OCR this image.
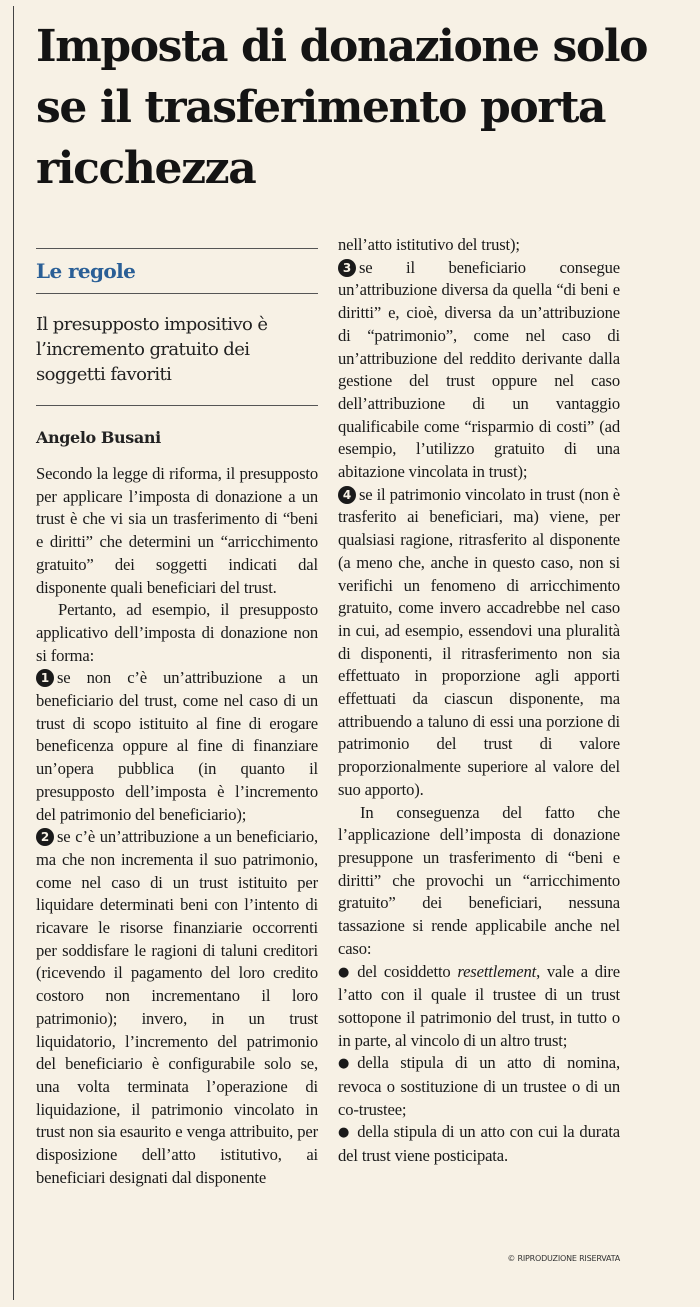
Imposta di donazione solo se il trasferimento porta ricchezza
Le regole
Il presupposto impositivo è l’incremento gratuito dei soggetti favoriti
Angelo Busani

Secondo la legge di riforma, il presupposto per applicare l’imposta di donazione a un trust è che vi sia un trasferimento di “beni e diritti” che determini un “arricchimento gratuito” dei soggetti indicati dal disponente quali beneficiari del trust.

Pertanto, ad esempio, il presupposto applicativo dell’imposta di donazione non si forma:

1 se non c’è un’attribuzione a un beneficiario del trust, come nel caso di un trust di scopo istituito al fine di erogare beneficenza oppure al fine di finanziare un’opera pubblica (in quanto il presupposto dell’imposta è l’incremento del patrimonio del beneficiario);

2 se c’è un’attribuzione a un beneficiario, ma che non incrementa il suo patrimonio, come nel caso di un trust istituito per liquidare determinati beni con l’intento di ricavare le risorse finanziarie occorrenti per soddisfare le ragioni di taluni creditori (ricevendo il pagamento del loro credito costoro non incrementano il loro patrimonio); invero, in un trust liquidatorio, l’incremento del patrimonio del beneficiario è configurabile solo se, una volta terminata l’operazione di liquidazione, il patrimonio vincolato in trust non sia esaurito e venga attribuito, per disposizione dell’atto istitutivo, ai beneficiari designati dal disponente

nell’atto istitutivo del trust);

3 se il beneficiario consegue un’attribuzione diversa da quella “di beni e diritti” e, cioè, diversa da un’attribuzione di “patrimonio”, come nel caso di un’attribuzione del reddito derivante dalla gestione del trust oppure nel caso dell’attribuzione di un vantaggio qualificabile come “risparmio di costi” (ad esempio, l’utilizzo gratuito di una abitazione vincolata in trust);

4 se il patrimonio vincolato in trust (non è trasferito ai beneficiari, ma) viene, per qualsiasi ragione, ritrasferito al disponente (a meno che, anche in questo caso, non si verifichi un fenomeno di arricchimento gratuito, come invero accadrebbe nel caso in cui, ad esempio, essendovi una pluralità di disponenti, il ritrasferimento non sia effettuato in proporzione agli apporti effettuati da ciascun disponente, ma attribuendo a taluno di essi una porzione di patrimonio del trust di valore proporzionalmente superiore al valore del suo apporto).

In conseguenza del fatto che l’applicazione dell’imposta di donazione presuppone un trasferimento di “beni e diritti” che provochi un “arricchimento gratuito” dei beneficiari, nessuna tassazione si rende applicabile anche nel caso:

● del cosiddetto resettlement, vale a dire l’atto con il quale il trustee di un trust sottopone il patrimonio del trust, in tutto o in parte, al vincolo di un altro trust;

● della stipula di un atto di nomina, revoca o sostituzione di un trustee o di un co-trustee;

● della stipula di un atto con cui la durata del trust viene posticipata.

© RIPRODUZIONE RISERVATA
